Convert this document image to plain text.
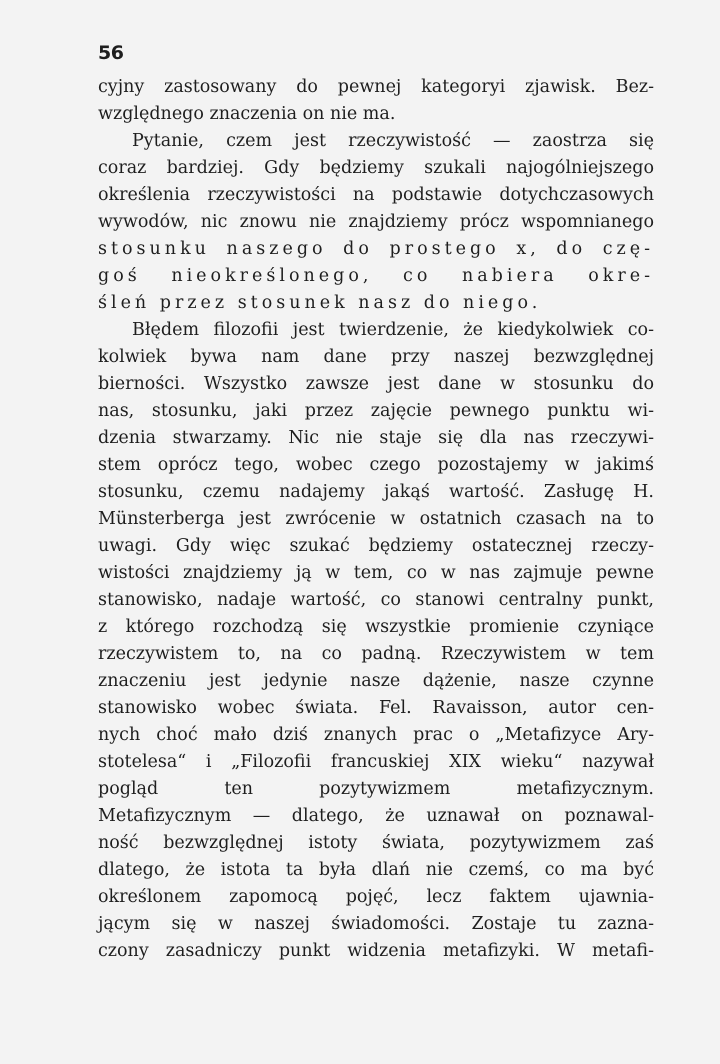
56
cyjny zastosowany do pewnej kategoryi zjawisk. Bez-
względnego znaczenia on nie ma.
Pytanie, czem jest rzeczywistość — zaostrza się
coraz bardziej. Gdy będziemy szukali najogólniejszego
określenia rzeczywistości na podstawie dotychczasowych
wywodów, nic znowu nie znajdziemy prócz wspomnianego
stosunku naszego do prostego x, do czę-
goś nieokreślonego, co nabiera okre-
śleń przez stosunek nasz do niego.
Błędem filozofii jest twierdzenie, że kiedykolwiek co-
kolwiek bywa nam dane przy naszej bezwzględnej
bierności. Wszystko zawsze jest dane w stosunku do
nas, stosunku, jaki przez zajęcie pewnego punktu wi-
dzenia stwarzamy. Nic nie staje się dla nas rzeczywi-
stem oprócz tego, wobec czego pozostajemy w jakimś
stosunku, czemu nadajemy jakąś wartość. Zasługę H.
Münsterberga jest zwrócenie w ostatnich czasach na to
uwagi. Gdy więc szukać będziemy ostatecznej rzeczy-
wistości znajdziemy ją w tem, co w nas zajmuje pewne
stanowisko, nadaje wartość, co stanowi centralny punkt,
z którego rozchodzą się wszystkie promienie czyniące
rzeczywistem to, na co padną. Rzeczywistem w tem
znaczeniu jest jedynie nasze dążenie, nasze czynne
stanowisko wobec świata. Fel. Ravaisson, autor cen-
nych choć mało dziś znanych prac o „Metafizyce Ary-
stotelesa“ i „Filozofii francuskiej XIX wieku“ nazywał
pogląd ten pozytywizmem metafizycznym.
Metafizycznym — dlatego, że uznawał on poznawal-
ność bezwzględnej istoty świata, pozytywizmem zaś
dlatego, że istota ta była dlań nie czemś, co ma być
określonem zapomocą pojęć, lecz faktem ujawnia-
jącym się w naszej świadomości. Zostaje tu zazna-
czony zasadniczy punkt widzenia metafizyki. W metafi-
